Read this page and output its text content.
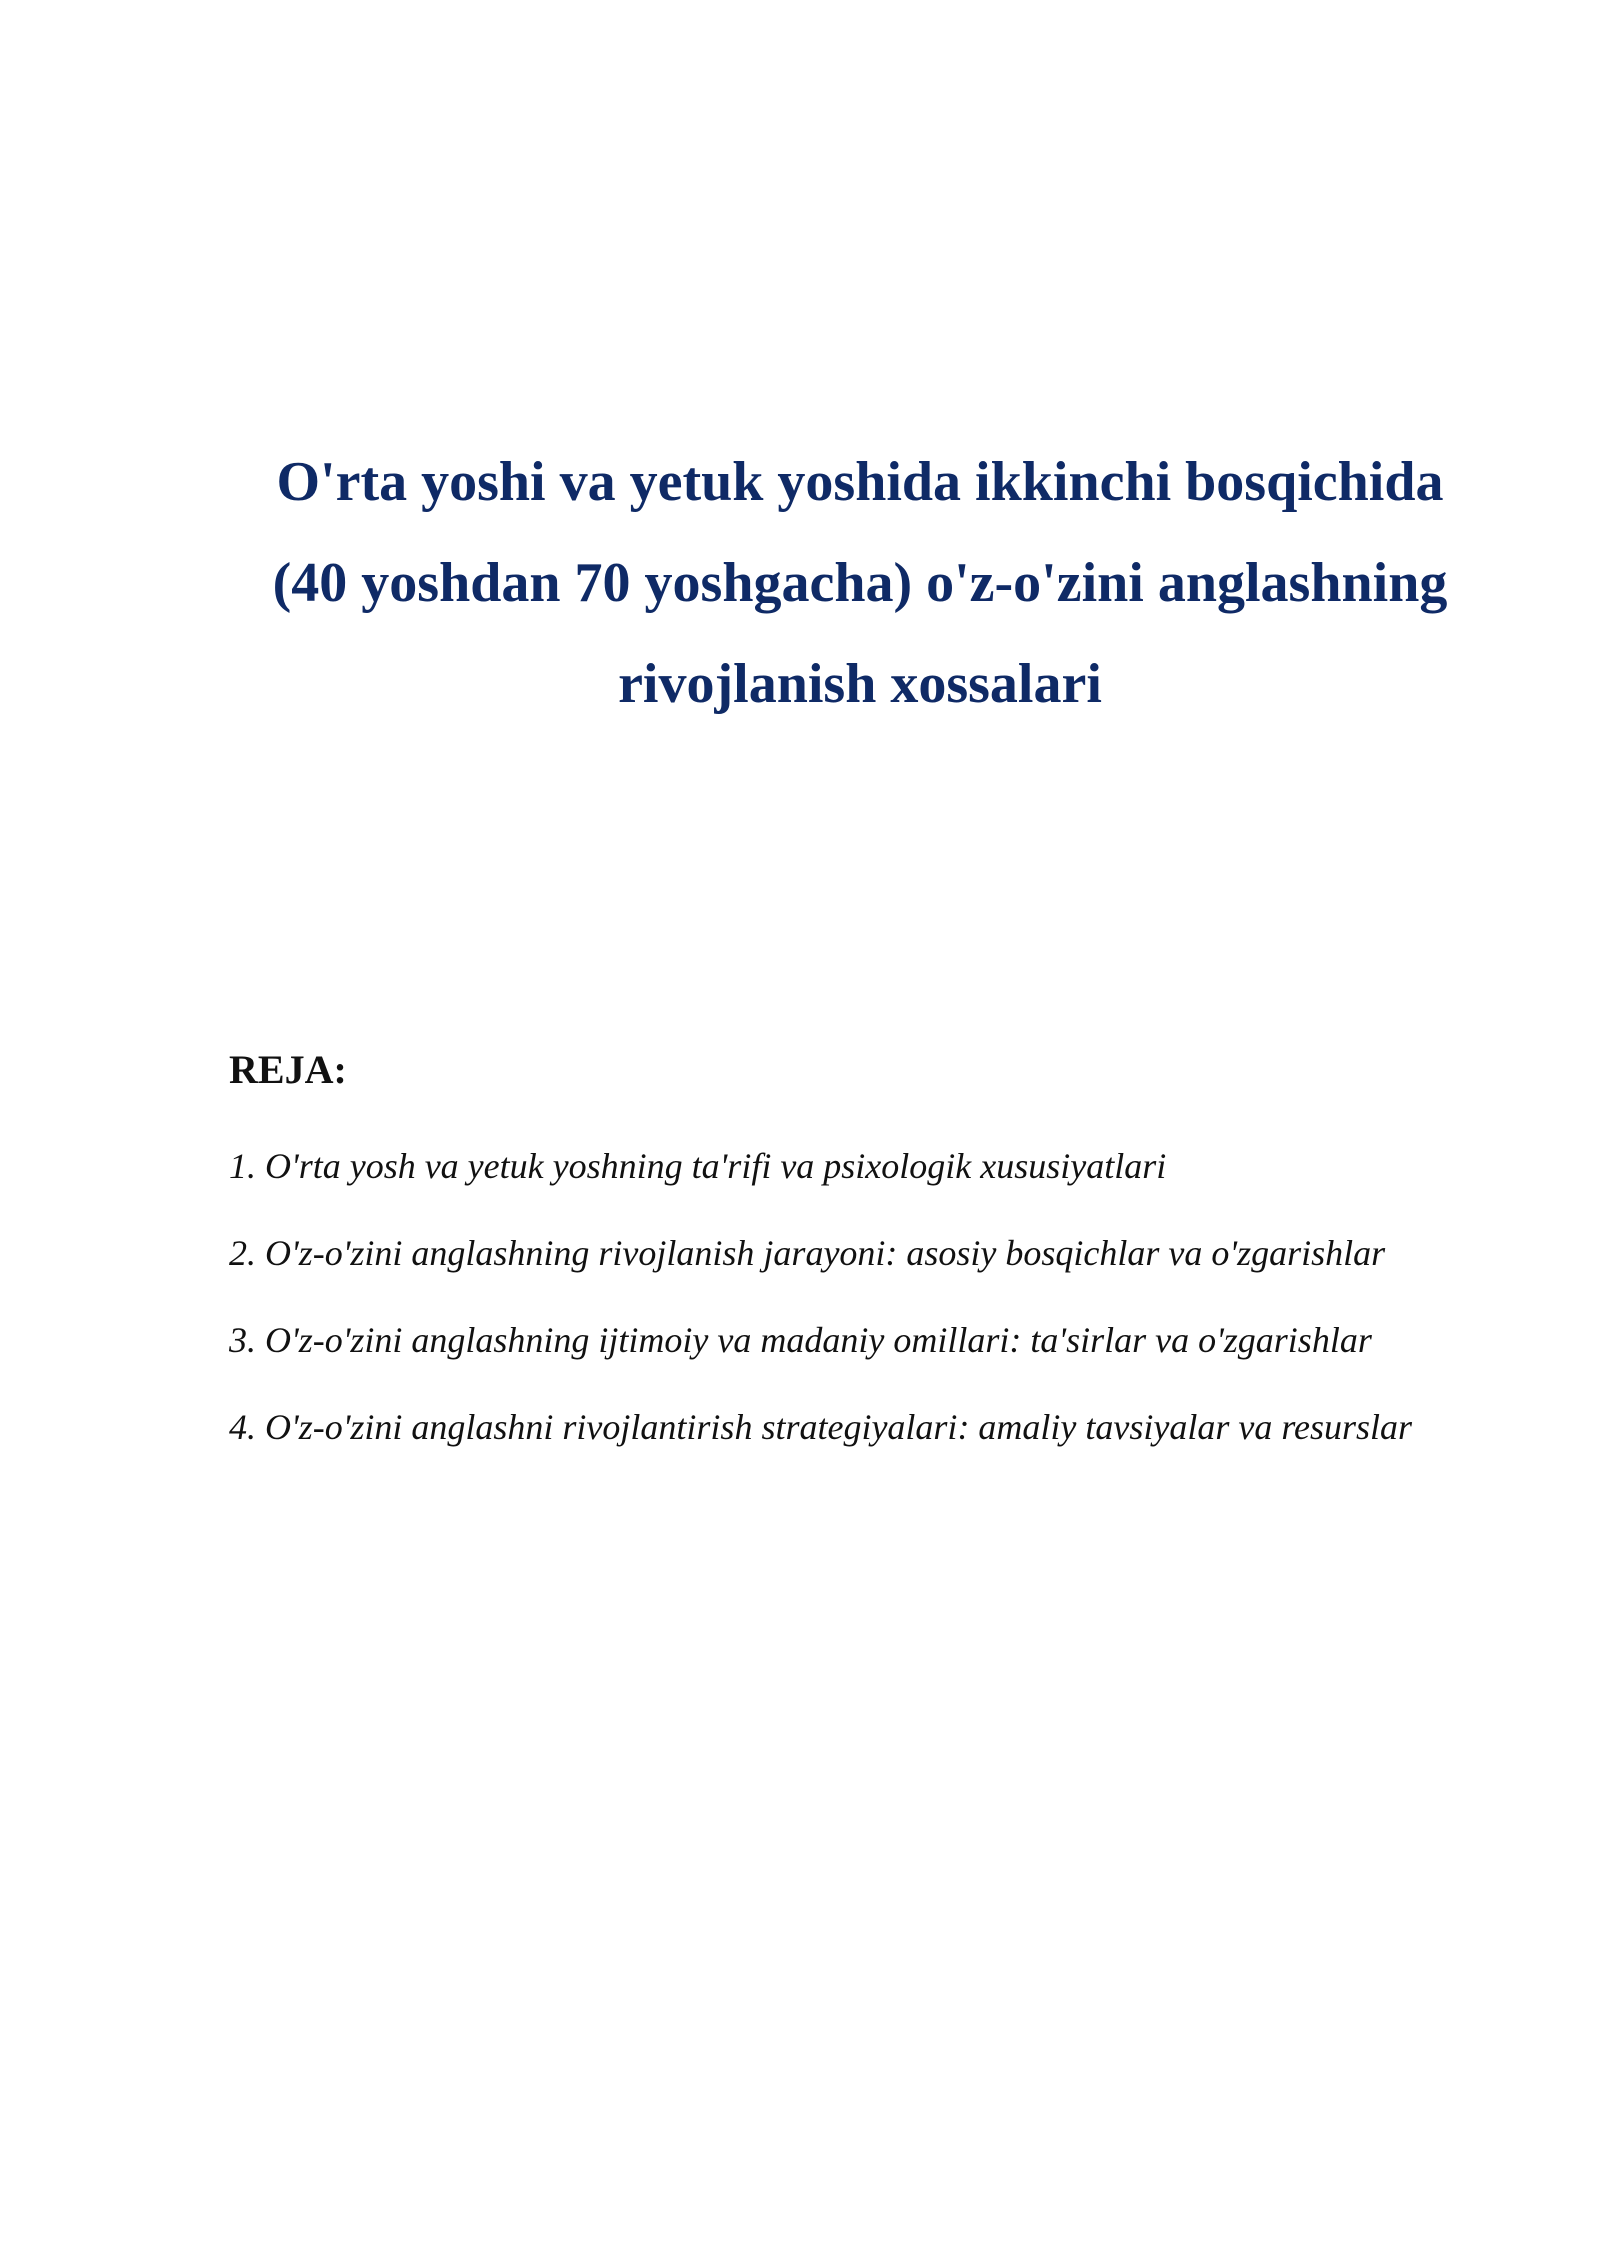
O'rta yoshi va yetuk yoshida ikkinchi bosqichida
(40 yoshdan 70 yoshgacha) o'z-o'zini anglashning
rivojlanish xossalari
REJA:
1. O'rta yosh va yetuk yoshning ta'rifi va psixologik xususiyatlari
2. O'z-o'zini anglashning rivojlanish jarayoni: asosiy bosqichlar va o'zgarishlar
3. O'z-o'zini anglashning ijtimoiy va madaniy omillari: ta'sirlar va o'zgarishlar
4. O'z-o'zini anglashni rivojlantirish strategiyalari: amaliy tavsiyalar va resurslar
